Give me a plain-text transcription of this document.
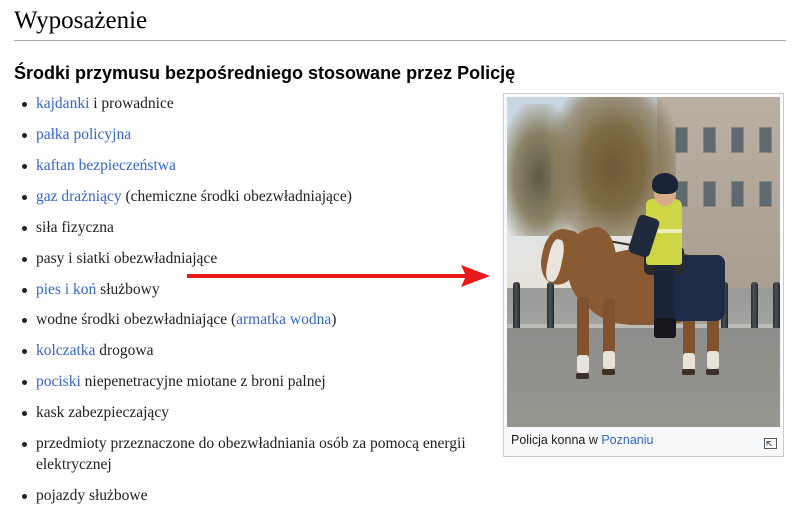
Wyposażenie
Środki przymusu bezpośredniego stosowane przez Policję
kajdanki i prowadnice
pałka policyjna
kaftan bezpieczeństwa
gaz drażniący (chemiczne środki obezwładniające)
siła fizyczna
pasy i siatki obezwładniające
pies i koń służbowy
wodne środki obezwładniające (armatka wodna)
kolczatka drogowa
pociski niepenetracyjne miotane z broni palnej
kask zabezpieczający
przedmioty przeznaczone do obezwładniania osób za pomocą energii elektrycznej
pojazdy służbowe
Policja konna w Poznaniu
